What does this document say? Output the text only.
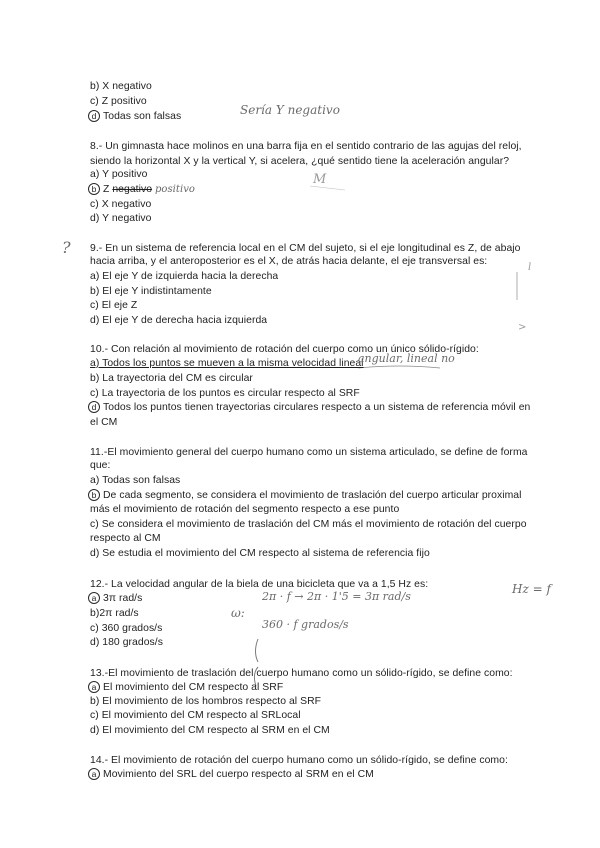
b) X negativo
c) Z positivo
d Todas son falsas	Sería Y negativo
8.- Un gimnasta hace molinos en una barra fija en el sentido contrario de las agujas del reloj,
siendo la horizontal X y la vertical Y, si acelera, ¿qué sentido tiene la aceleración angular?
a) Y positivo
b Z negativo positivo
M
c) X negativo
d) Y negativo
? 9.- En un sistema de referencia local en el CM del sujeto, si el eje longitudinal es Z, de abajo
hacia arriba, y el anteroposterior es el X, de atrás hacia delante, el eje transversal es:
a) El eje Y de izquierda hacia la derecha
b) El eje Y indistintamente
c) El eje Z
d) El eje Y de derecha hacia izquierda
l
>
10.- Con relación al movimiento de rotación del cuerpo como un único sólido-rígido:
a) Todos los puntos se mueven a la misma velocidad lineal
angular, lineal no
b) La trayectoria del CM es circular
c) La trayectoria de los puntos es circular respecto al SRF
d Todos los puntos tienen trayectorias circulares respecto a un sistema de referencia móvil en
el CM
11.-El movimiento general del cuerpo humano como un sistema articulado, se define de forma
que:
a) Todas son falsas
b De cada segmento, se considera el movimiento de traslación del cuerpo articular proximal
más el movimiento de rotación del segmento respecto a ese punto
c) Se considera el movimiento de traslación del CM más el movimiento de rotación del cuerpo
respecto al CM
d) Se estudia el movimiento del CM respecto al sistema de referencia fijo
12.- La velocidad angular de la biela de una bicicleta que va a 1,5 Hz es:
a 3π rad/s
b)2π rad/s
c) 360 grados/s
d) 180 grados/s
ω:
2π · f → 2π · 1'5 = 3π rad/s
360 · f grados/s
Hz = f
13.-El movimiento de traslación del cuerpo humano como un sólido-rígido, se define como:
a El movimiento del CM respecto al SRF
b) El movimiento de los hombros respecto al SRF
c) El movimiento del CM respecto al SRLocal
d) El movimiento del CM respecto al SRM en el CM
14.- El movimiento de rotación del cuerpo humano como un sólido-rígido, se define como:
a Movimiento del SRL del cuerpo respecto al SRM en el CM
